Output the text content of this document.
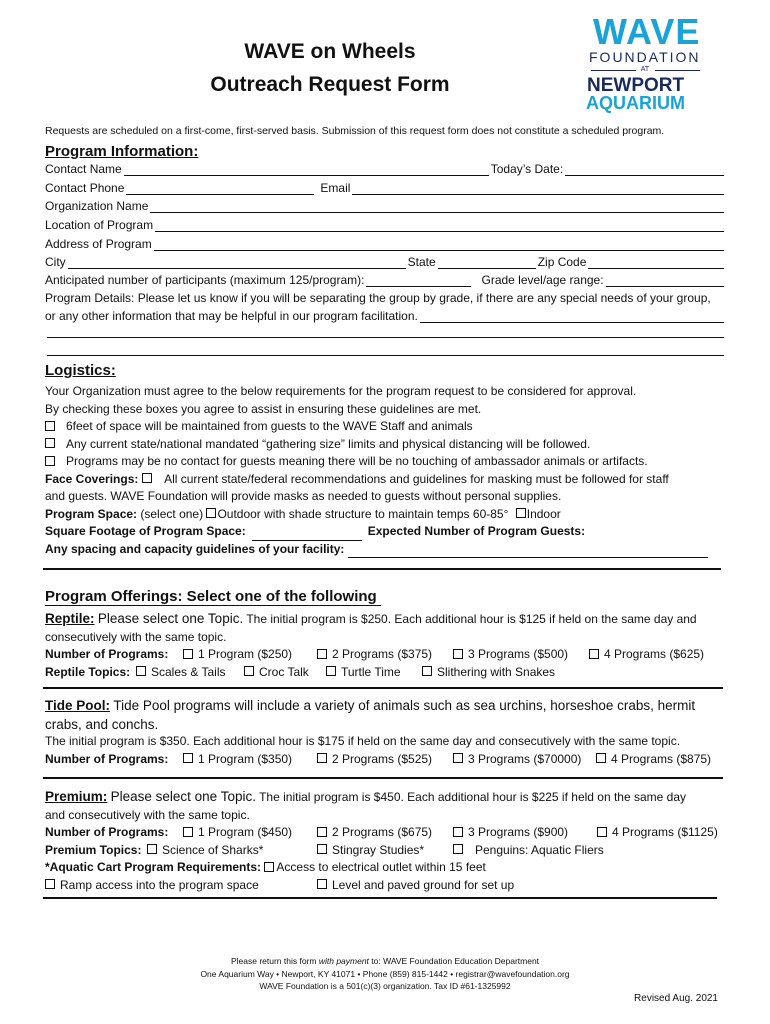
WAVE on Wheels
Outreach Request Form
WAVE
FOUNDATION
AT
NEWPORT
AQUARIUM
Requests are scheduled on a first-come, first-served basis. Submission of this request form does not constitute a scheduled program.
Program Information:
Contact Name	Today’s Date:
Contact Phone	Email
Organization Name
Location of Program
Address of Program
City	State	Zip Code
Anticipated number of participants (maximum 125/program):	Grade level/age range:
Program Details: Please let us know if you will be separating the group by grade, if there are any special needs of your group,
or any other information that may be helpful in our program facilitation.
Logistics:
Your Organization must agree to the below requirements for the program request to be considered for approval.
By checking these boxes you agree to assist in ensuring these guidelines are met.
6feet of space will be maintained from guests to the WAVE Staff and animals
Any current state/national mandated “gathering size” limits and physical distancing will be followed.
Programs may be no contact for guests meaning there will be no touching of ambassador animals or artifacts.
Face Coverings: All current state/federal recommendations and guidelines for masking must be followed for staff
and guests. WAVE Foundation will provide masks as needed to guests without personal supplies.
Program Space: (select one) Outdoor with shade structure to maintain temps 60-85° Indoor
Square Footage of Program Space:	Expected Number of Program Guests:
Any spacing and capacity guidelines of your facility:
Program Offerings: Select one of the following
Reptile: Please select one Topic. The initial program is $250. Each additional hour is $125 if held on the same day and
consecutively with the same topic.
Number of Programs:	1 Program ($250)	2 Programs ($375)	3 Programs ($500)	4 Programs ($625)
Reptile Topics:	Scales & Tails	Croc Talk	Turtle Time	Slithering with Snakes
Tide Pool: Tide Pool programs will include a variety of animals such as sea urchins, horseshoe crabs, hermit
crabs, and conchs.
The initial program is $350. Each additional hour is $175 if held on the same day and consecutively with the same topic.
Number of Programs:	1 Program ($350)	2 Programs ($525)	3 Programs ($70000)	4 Programs ($875)
Premium: Please select one Topic. The initial program is $450. Each additional hour is $225 if held on the same day
and consecutively with the same topic.
Number of Programs:	1 Program ($450)	2 Programs ($675)	3 Programs ($900)	4 Programs ($1125)
Premium Topics:	Science of Sharks*	Stingray Studies*	Penguins: Aquatic Fliers
*Aquatic Cart Program Requirements: Access to electrical outlet within 15 feet
Ramp access into the program space	Level and paved ground for set up
Please return this form with payment to: WAVE Foundation Education Department
One Aquarium Way • Newport, KY 41071 • Phone (859) 815-1442 • registrar@wavefoundation.org
WAVE Foundation is a 501(c)(3) organization. Tax ID #61-1325992
Revised Aug. 2021
